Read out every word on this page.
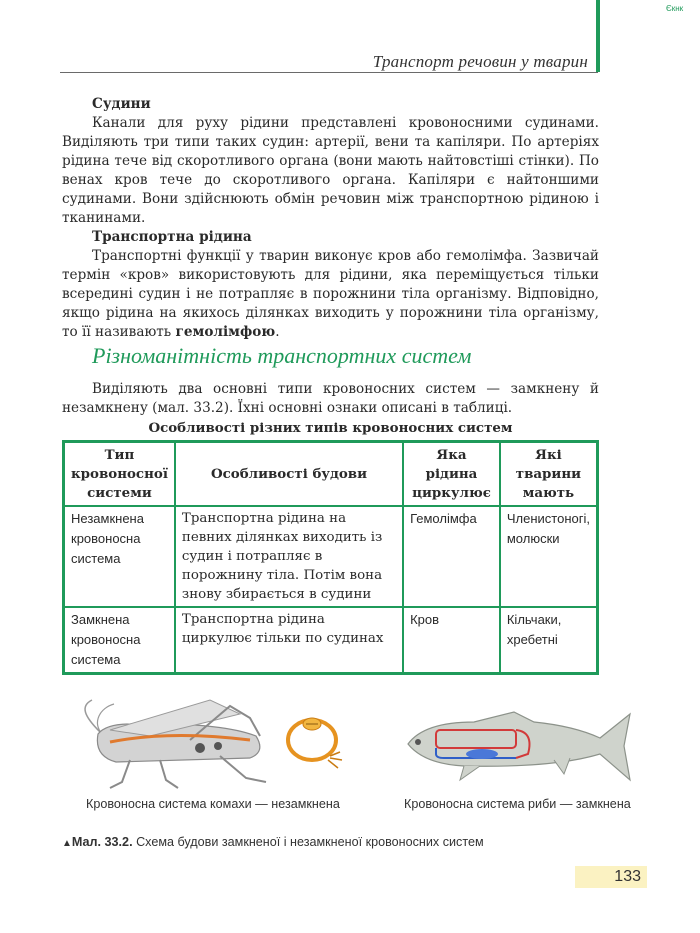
Єкнк
Транспорт речовин у тварин

Судини

Канали для руху рідини представлені кровоносними судинами. Виділяють три типи таких судин: артерії, вени та капіляри. По артеріях рідина тече від скоротливого органа (вони мають найтовстіші стінки). По венах кров тече до скоротливого органа. Капіляри є найтоншими судинами. Вони здійснюють обмін речовин між транспортною рідиною і тканинами.

Транспортна рідина

Транспортні функції у тварин виконує кров або гемолімфа. Зазвичай термін «кров» використовують для рідини, яка переміщується тільки всередині судин і не потрапляє в порожнини тіла організму. Відповідно, якщо рідина на якихось ділянках виходить у порожнини тіла організму, то її називають гемолімфою.

Різноманітність транспортних систем

Виділяють два основні типи кровоносних систем — замкнену й незамкнену (мал. 33.2). Їхні основні ознаки описані в таблиці.

Особливості різних типів кровоносних систем
Тип кровоносної системи	Особливості будови	Яка рідина циркулює	Які тварини мають
Незамкнена кровоносна система	Транспортна рідина на певних ділянках виходить із судин і потрапляє в порожнину тіла. Потім вона знову збирається в судини	Гемолімфа	Членистоногі, молюски
Замкнена кровоносна система	Транспортна рідина циркулює тільки по судинах	Кров	Кільчаки, хребетні
Кровоносна система комахи — незамкнена	Кровоносна система риби — замкнена
▲Мал. 33.2. Схема будови замкненої і незамкненої кровоносних систем
133
